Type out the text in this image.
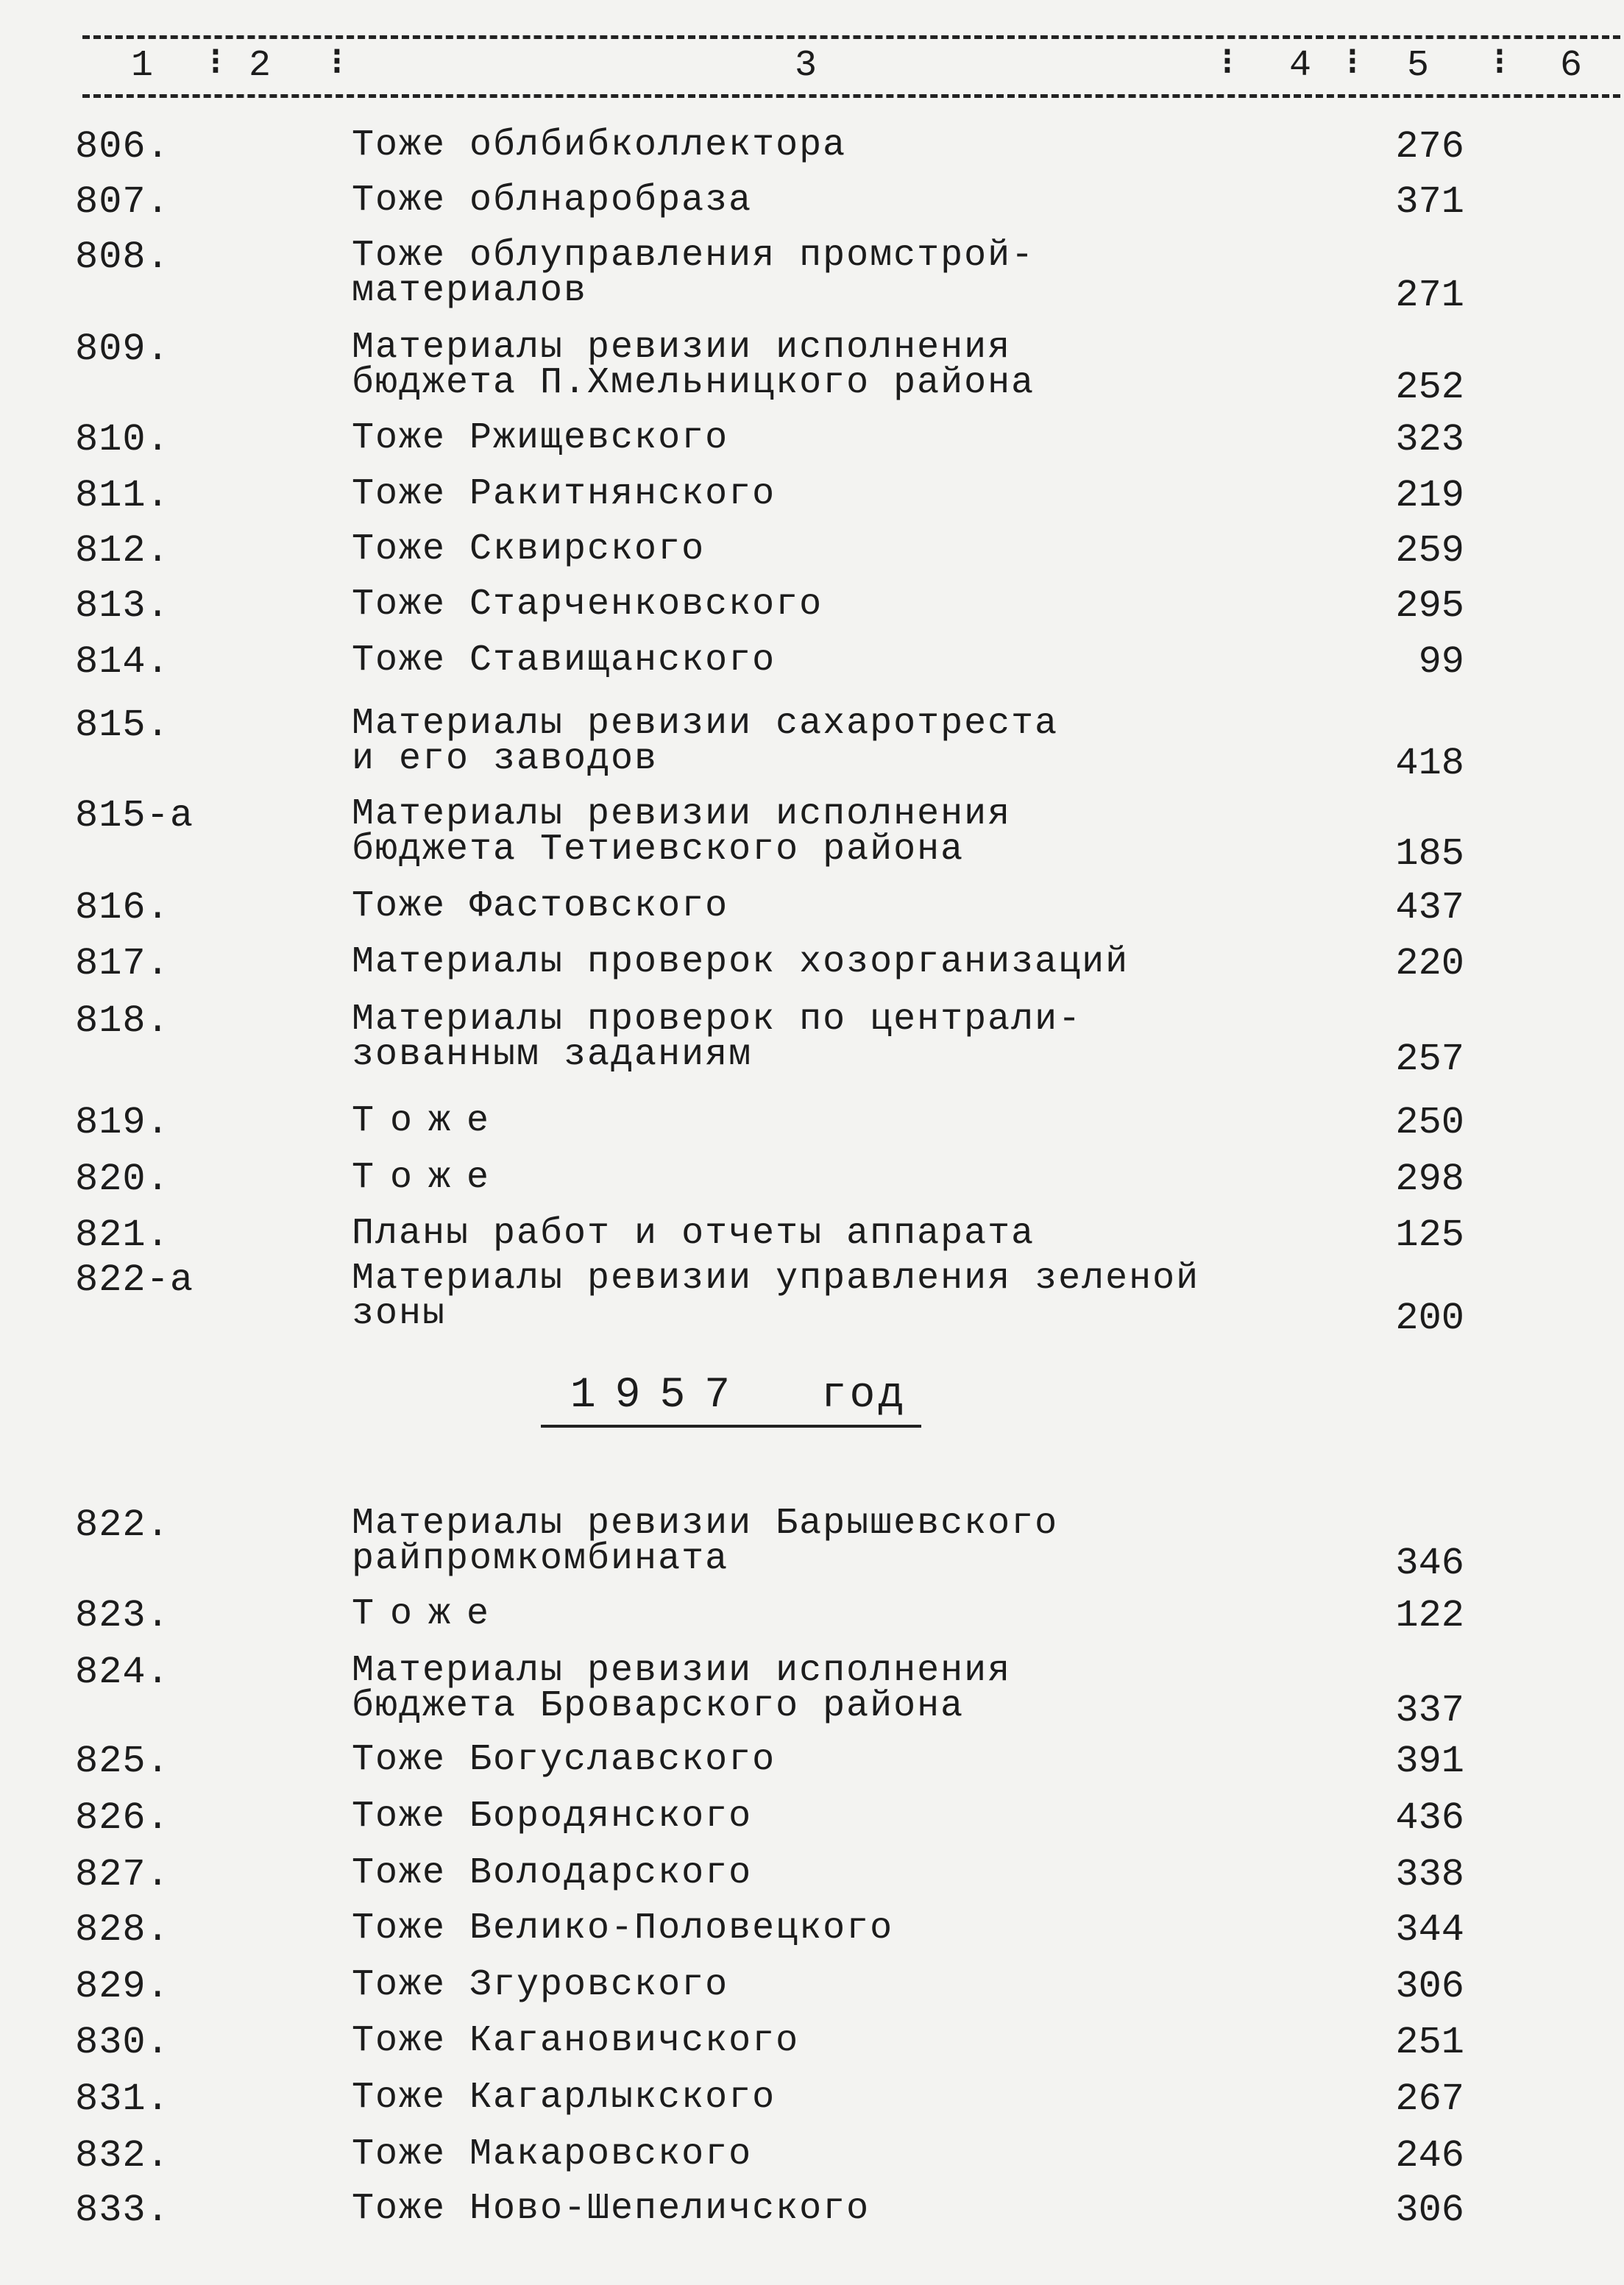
1 ⁝ 2 ⁝	3	⁝ 4 ⁝ 5 ⁝ 6
806.	Тоже облбибколлектора	276
807.	Тоже облнаробраза	371
808.	Тоже облуправления промстрой-
материалов	271
809.	Материалы ревизии исполнения
бюджета П.Хмельницкого района	252
810.	Тоже Ржищевского	323
811.	Тоже Ракитнянского	219
812.	Тоже Сквирского	259
813.	Тоже Старченковского	295
814.	Тоже Ставищанского	99
815.	Материалы ревизии сахаротреста
и его заводов	418
815-а	Материалы ревизии исполнения
бюджета Тетиевского района	185
816.	Тоже Фастовского	437
817.	Материалы проверок хозорганизаций	220
818.	Материалы проверок по централи-
зованным заданиям	257
819.	Тоже	250
820.	Тоже	298
821.	Планы работ и отчеты аппарата	125
822-а	Материалы ревизии управления зеленой
зоны	200
1957 год
822.	Материалы ревизии Барышевского
райпромкомбината	346
823.	Тоже	122
824.	Материалы ревизии исполнения
бюджета Броварского района	337
825.	Тоже Богуславского	391
826.	Тоже Бородянского	436
827.	Тоже Володарского	338
828.	Тоже Велико-Половецкого	344
829.	Тоже Згуровского	306
830.	Тоже Кагановичского	251
831.	Тоже Кагарлыкского	267
832.	Тоже Макаровского	246
833.	Тоже Ново-Шепеличского	306
